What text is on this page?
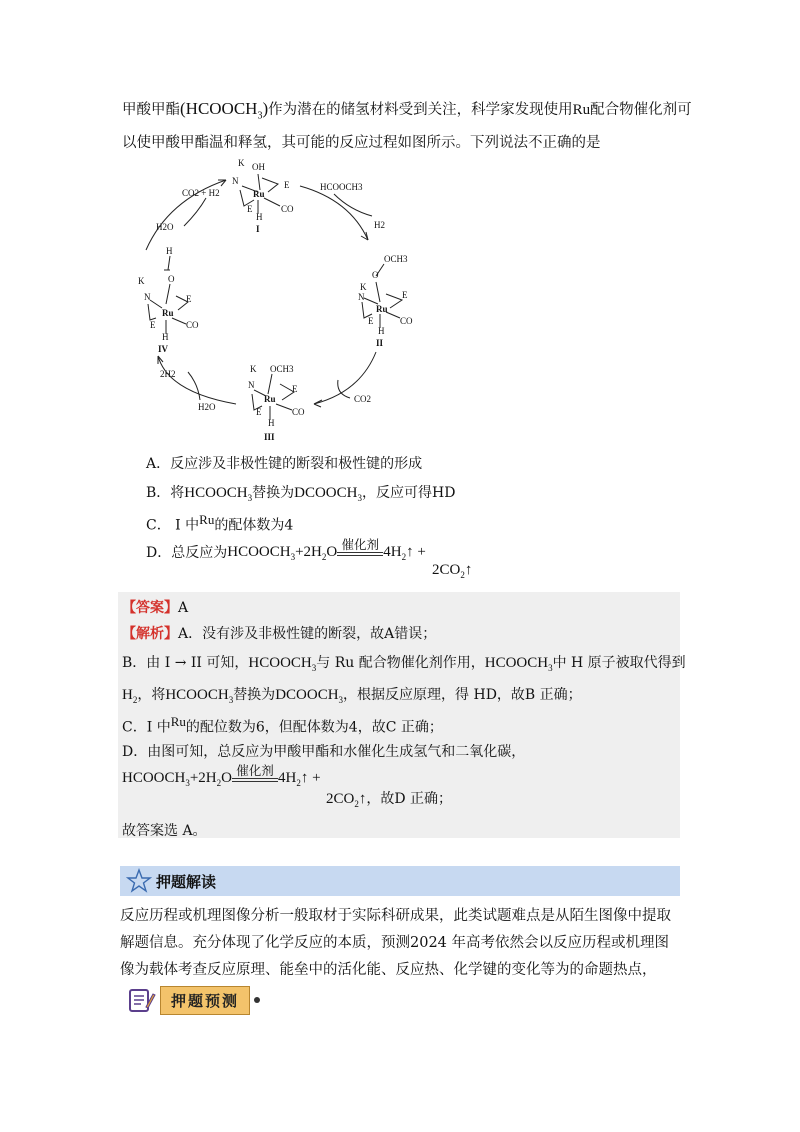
甲酸甲酯$(HCOOCH_3)$作为潜在的储氢材料受到关注，科学家发现使用Ru配合物催化剂可
以使甲酸甲酯温和释氢，其可能的反应过程如图所示。下列说法不正确的是
K OH
N	E
Ru
E	CO
H
I
OCH3
K
O
N	E
Ru
E	CO
H
II
K OCH3
N	E
Ru
E	CO
H
III
H
O
K
N	E
Ru
E	CO
H
IV
HCOOCH3
H2
CO2
H2O
2H2
H2O
CO2 + H2
A．反应涉及非极性键的断裂和极性键的形成
B．将$HCOOCH_3$替换为$DCOOCH_3$，反应可得HD
C． I 中$^{Ru}$的配体数为4
D．总反应为$HCOOCH_3+2H_2O$ 催化剂 $4H_2↑$ +
$2CO_2↑$
【答案】A
【解析】A．没有涉及非极性键的断裂，故A错误；
B．由 I → II 可知，$HCOOCH_3$与 Ru 配合物催化剂作用，$HCOOCH_3$中 H 原子被取代得到
$H_2$，将$HCOOCH_3$替换为$DCOOCH_3$，根据反应原理，得 HD，故B 正确；
C．I 中$^{Ru}$的配位数为6，但配体数为4，故C 正确；
D．由图可知，总反应为甲酸甲酯和水催化生成氢气和二氧化碳，
$HCOOCH_3+2H_2O$ 催化剂 $4H_2↑$ +
$2CO_2↑$，故D 正确；
故答案选 A。
押题解读
反应历程或机理图像分析一般取材于实际科研成果，此类试题难点是从陌生图像中提取解题信息。充分体现了化学反应的本质，预测2024 年高考依然会以反应历程或机理图像为载体考查反应原理、能垒中的活化能、反应热、化学键的变化等为的命题热点，
押题预测
